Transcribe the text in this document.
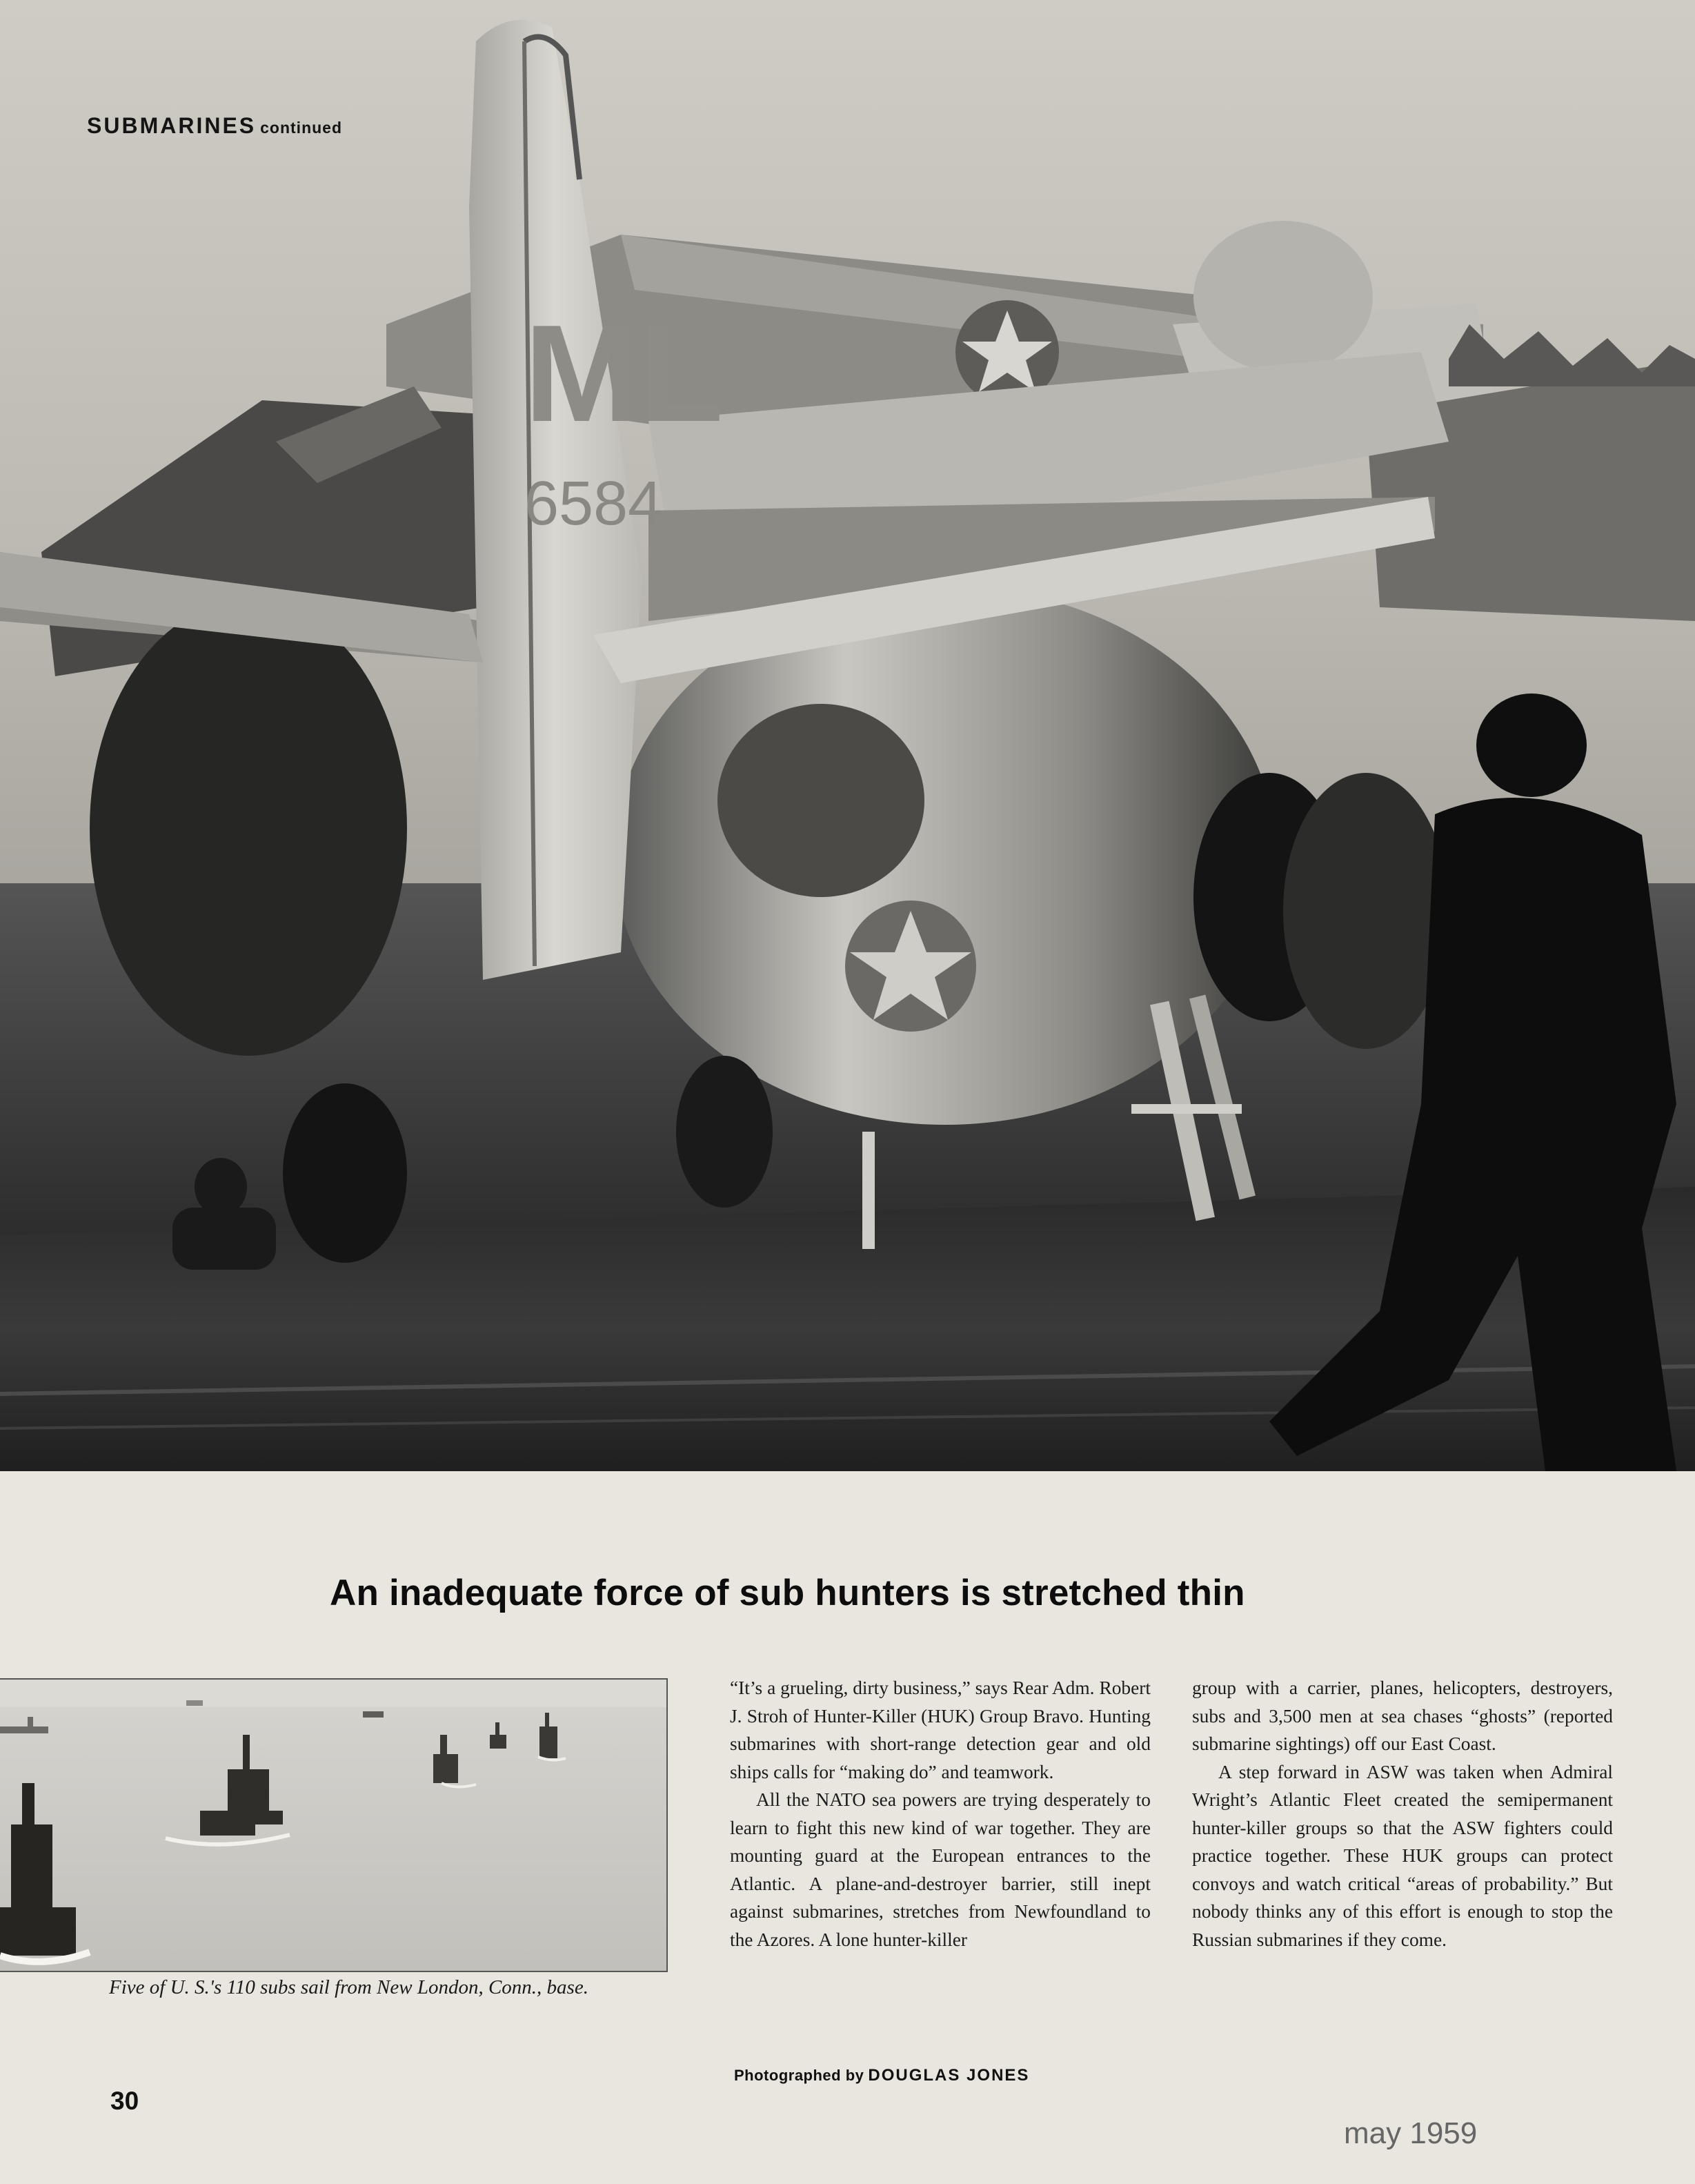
ML
6584
SUBMARINES continued
An inadequate force of sub hunters is stretched thin
Five of U. S.'s 110 subs sail from New London, Conn., base.

“It’s a grueling, dirty business,” says Rear Adm. Robert J. Stroh of Hunter-Killer (HUK) Group Bravo. Hunting submarines with short-range detection gear and old ships calls for “making do” and teamwork.

All the NATO sea powers are trying desperately to learn to fight this new kind of war together. They are mounting guard at the European entrances to the Atlantic. A plane-and-destroyer barrier, still inept against submarines, stretches from Newfoundland to the Azores. A lone hunter-killer

group with a carrier, planes, helicopters, destroyers, subs and 3,500 men at sea chases “ghosts” (reported submarine sightings) off our East Coast.

A step forward in ASW was taken when Admiral Wright’s Atlantic Fleet created the semipermanent hunter-killer groups so that the ASW fighters could practice together. These HUK groups can protect convoys and watch critical “areas of probability.” But nobody thinks any of this effort is enough to stop the Russian submarines if they come.

Photographed by DOUGLAS JONES
30
may 1959
